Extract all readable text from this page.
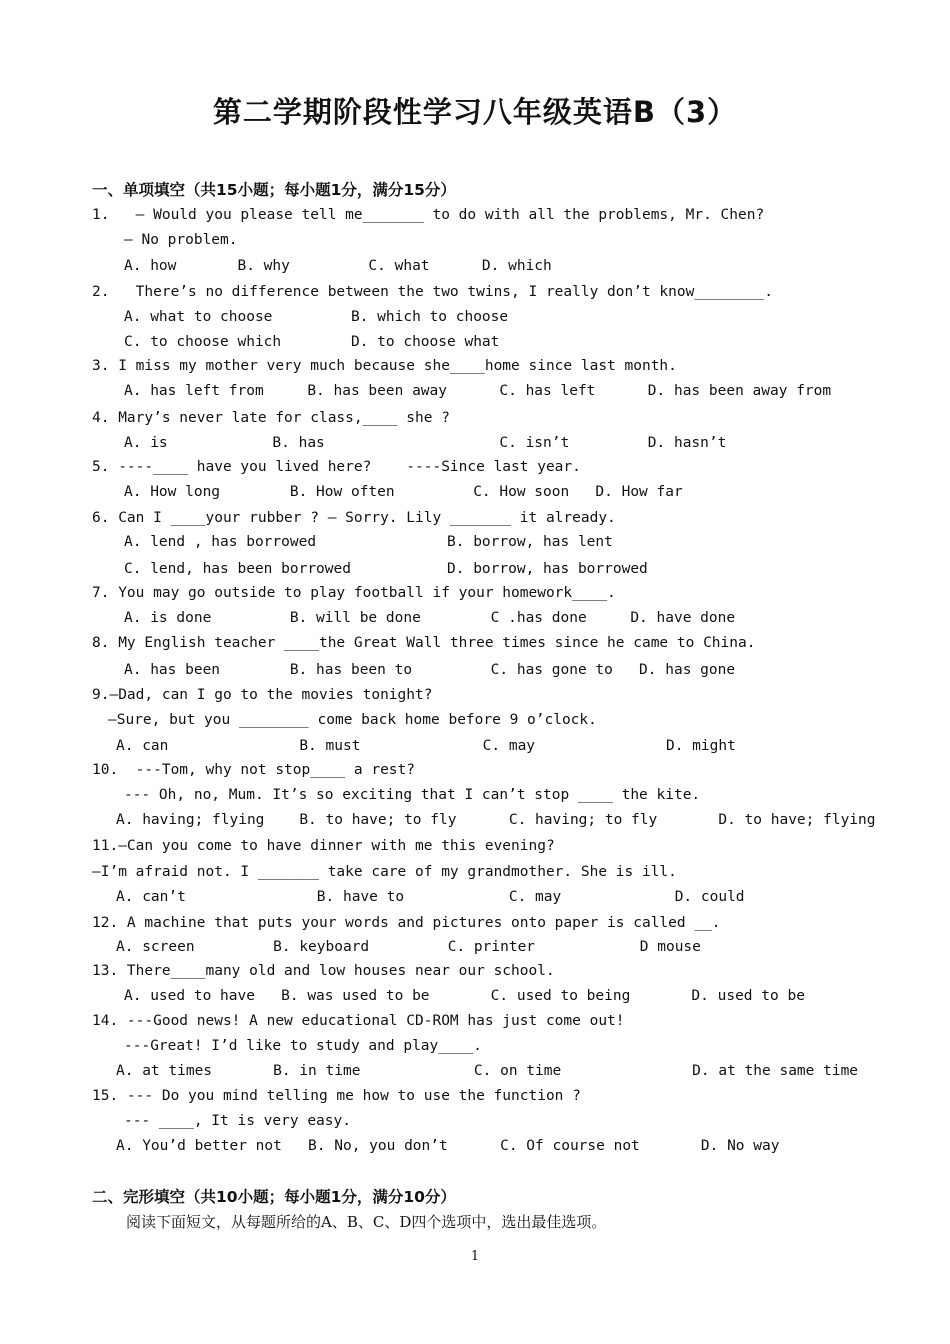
第二学期阶段性学习八年级英语B（3）
一、单项填空（共15小题；每小题1分，满分15分）
1.   — Would you please tell me_______ to do with all the problems, Mr. Chen?
— No problem.
A. how       B. why         C. what      D. which
2.   There’s no difference between the two twins, I really don’t know________.
A. what to choose         B. which to choose
C. to choose which        D. to choose what
3. I miss my mother very much because she____home since last month.
A. has left from     B. has been away      C. has left      D. has been away from
4. Mary’s never late for class,____ she ?
A. is            B. has                    C. isn’t         D. hasn’t
5. ----____ have you lived here?    ----Since last year.
A. How long        B. How often         C. How soon   D. How far
6. Can I ____your rubber ? – Sorry. Lily _______ it already.
A. lend , has borrowed               B. borrow, has lent
C. lend, has been borrowed           D. borrow, has borrowed
7. You may go outside to play football if your homework____.
A. is done         B. will be done        C .has done     D. have done
8. My English teacher ____the Great Wall three times since he came to China.
A. has been        B. has been to         C. has gone to   D. has gone
9.—Dad, can I go to the movies tonight?
—Sure, but you ________ come back home before 9 o’clock.
A. can               B. must              C. may               D. might
10.  ---Tom, why not stop____ a rest?
--- Oh, no, Mum. It’s so exciting that I can’t stop ____ the kite.
A. having; flying    B. to have; to fly      C. having; to fly       D. to have; flying
11.—Can you come to have dinner with me this evening?
—I’m afraid not. I _______ take care of my grandmother. She is ill.
A. can’t               B. have to            C. may             D. could
12. A machine that puts your words and pictures onto paper is called __.
A. screen         B. keyboard         C. printer            D mouse
13. There____many old and low houses near our school.
A. used to have   B. was used to be       C. used to being       D. used to be
14. ---Good news! A new educational CD-ROM has just come out!
---Great! I’d like to study and play____.
A. at times       B. in time             C. on time               D. at the same time
15. --- Do you mind telling me how to use the function ?
--- ____, It is very easy.
A. You’d better not   B. No, you don’t      C. Of course not       D. No way
二、完形填空（共10小题；每小题1分，满分10分）
阅读下面短文，从每题所给的A、B、C、D四个选项中，选出最佳选项。
1
